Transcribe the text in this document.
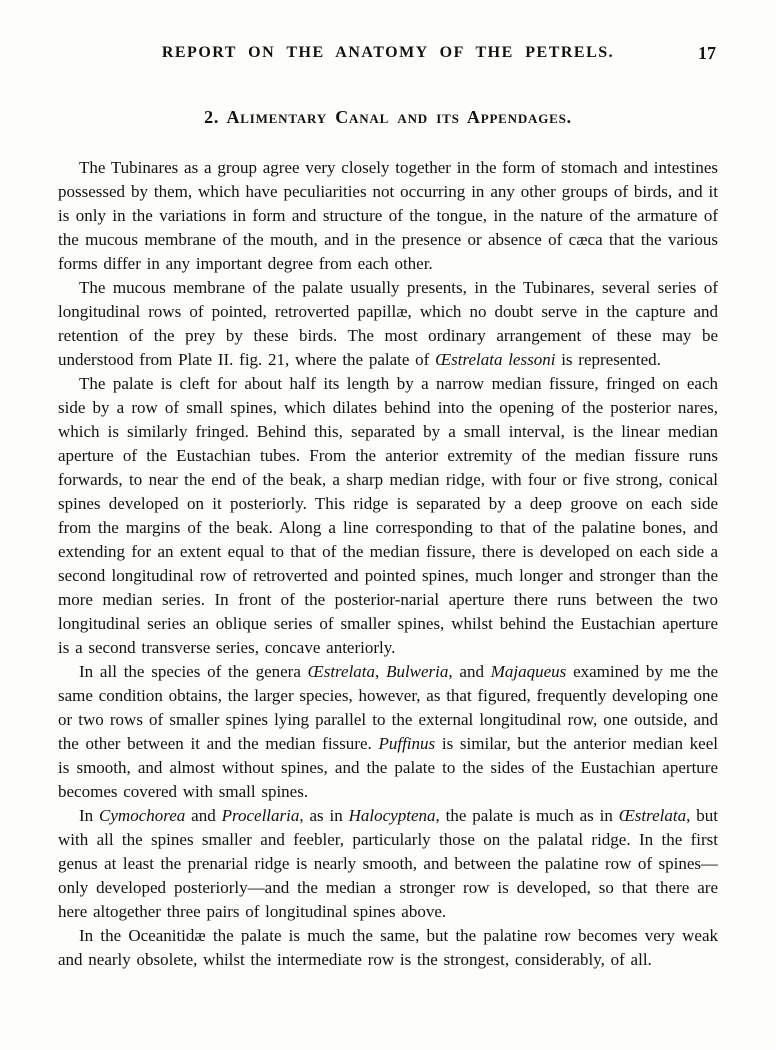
REPORT ON THE ANATOMY OF THE PETRELS.	17
2. Alimentary Canal and its Appendages.

The Tubinares as a group agree very closely together in the form of stomach and intestines possessed by them, which have peculiarities not occurring in any other groups of birds, and it is only in the variations in form and structure of the tongue, in the nature of the armature of the mucous membrane of the mouth, and in the presence or absence of cæca that the various forms differ in any important degree from each other.

The mucous membrane of the palate usually presents, in the Tubinares, several series of longitudinal rows of pointed, retroverted papillæ, which no doubt serve in the capture and retention of the prey by these birds. The most ordinary arrangement of these may be understood from Plate II. fig. 21, where the palate of Œstrelata lessoni is represented.

The palate is cleft for about half its length by a narrow median fissure, fringed on each side by a row of small spines, which dilates behind into the opening of the posterior nares, which is similarly fringed. Behind this, separated by a small interval, is the linear median aperture of the Eustachian tubes. From the anterior extremity of the median fissure runs forwards, to near the end of the beak, a sharp median ridge, with four or five strong, conical spines developed on it posteriorly. This ridge is separated by a deep groove on each side from the margins of the beak. Along a line corresponding to that of the palatine bones, and extending for an extent equal to that of the median fissure, there is developed on each side a second longitudinal row of retroverted and pointed spines, much longer and stronger than the more median series. In front of the posterior-narial aperture there runs between the two longitudinal series an oblique series of smaller spines, whilst behind the Eustachian aperture is a second transverse series, concave anteriorly.

In all the species of the genera Œstrelata, Bulweria, and Majaqueus examined by me the same condition obtains, the larger species, however, as that figured, frequently developing one or two rows of smaller spines lying parallel to the external longitudinal row, one outside, and the other between it and the median fissure. Puffinus is similar, but the anterior median keel is smooth, and almost without spines, and the palate to the sides of the Eustachian aperture becomes covered with small spines.

In Cymochorea and Procellaria, as in Halocyptena, the palate is much as in Œstrelata, but with all the spines smaller and feebler, particularly those on the palatal ridge. In the first genus at least the prenarial ridge is nearly smooth, and between the palatine row of spines—only developed posteriorly—and the median a stronger row is developed, so that there are here altogether three pairs of longitudinal spines above.

In the Oceanitidæ the palate is much the same, but the palatine row becomes very weak and nearly obsolete, whilst the intermediate row is the strongest, considerably, of all.
